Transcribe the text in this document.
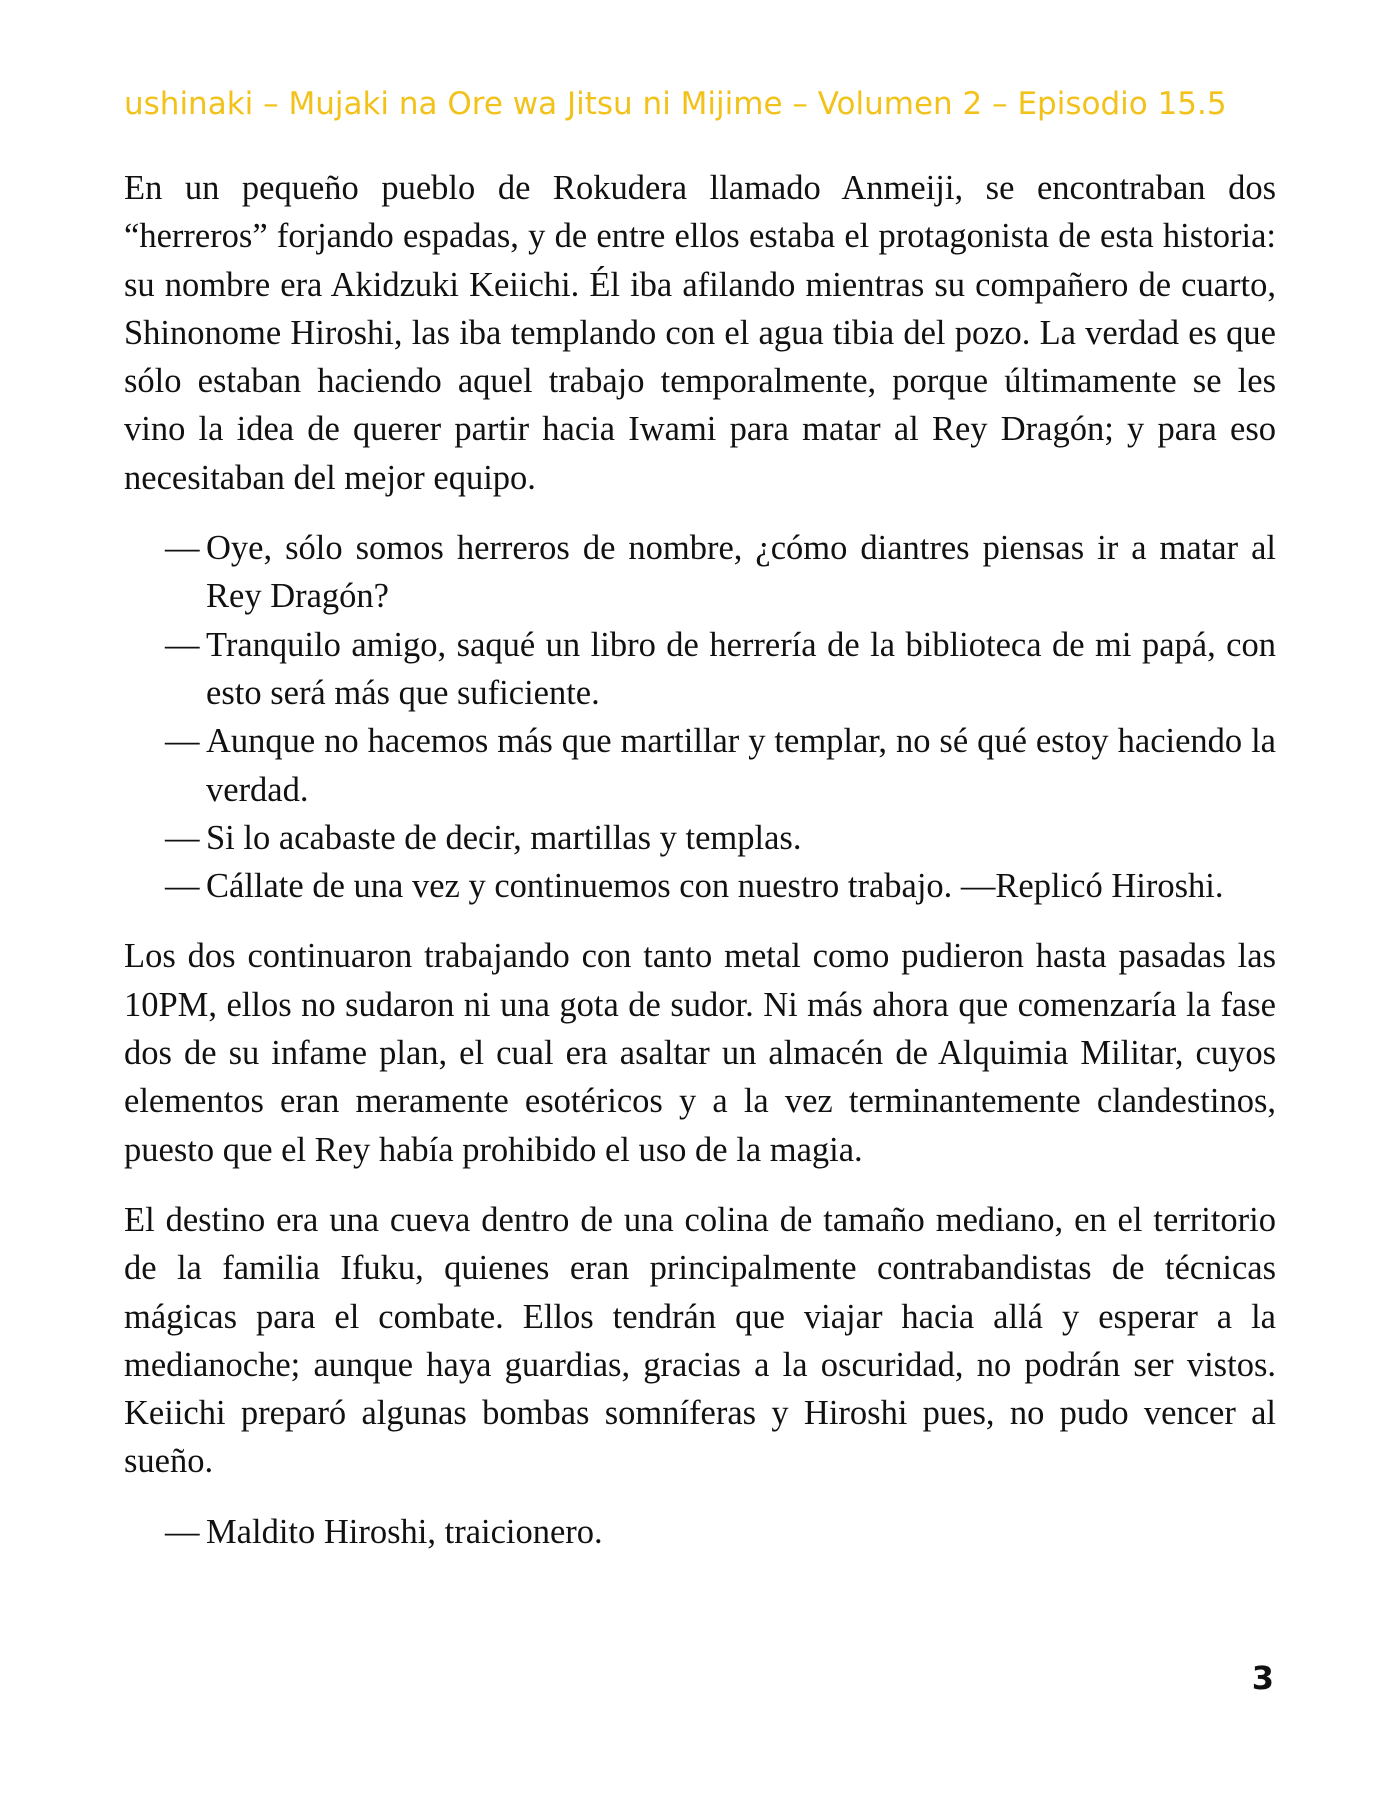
ushinaki – Mujaki na Ore wa Jitsu ni Mijime – Volumen 2 – Episodio 15.5

En un pequeño pueblo de Rokudera llamado Anmeiji, se encontraban dos “herreros” forjando espadas, y de entre ellos estaba el protagonista de esta historia: su nombre era Akidzuki Keiichi. Él iba afilando mientras su compañero de cuarto, Shinonome Hiroshi, las iba templando con el agua tibia del pozo. La verdad es que sólo estaban haciendo aquel trabajo temporalmente, porque últimamente se les vino la idea de querer partir hacia Iwami para matar al Rey Dragón; y para eso necesitaban del mejor equipo.

— Oye, sólo somos herreros de nombre, ¿cómo diantres piensas ir a matar al Rey Dragón?
— Tranquilo amigo, saqué un libro de herrería de la biblioteca de mi papá, con esto será más que suficiente.
— Aunque no hacemos más que martillar y templar, no sé qué estoy haciendo la verdad.
— Si lo acabaste de decir, martillas y templas.
— Cállate de una vez y continuemos con nuestro trabajo. —Replicó Hiroshi.

Los dos continuaron trabajando con tanto metal como pudieron hasta pasadas las 10PM, ellos no sudaron ni una gota de sudor. Ni más ahora que comenzaría la fase dos de su infame plan, el cual era asaltar un almacén de Alquimia Militar, cuyos elementos eran meramente esotéricos y a la vez terminantemente clandestinos, puesto que el Rey había prohibido el uso de la magia.

El destino era una cueva dentro de una colina de tamaño mediano, en el territorio de la familia Ifuku, quienes eran principalmente contrabandistas de técnicas mágicas para el combate. Ellos tendrán que viajar hacia allá y esperar a la medianoche; aunque haya guardias, gracias a la oscuridad, no podrán ser vistos. Keiichi preparó algunas bombas somníferas y Hiroshi pues, no pudo vencer al sueño.

— Maldito Hiroshi, traicionero.
3
